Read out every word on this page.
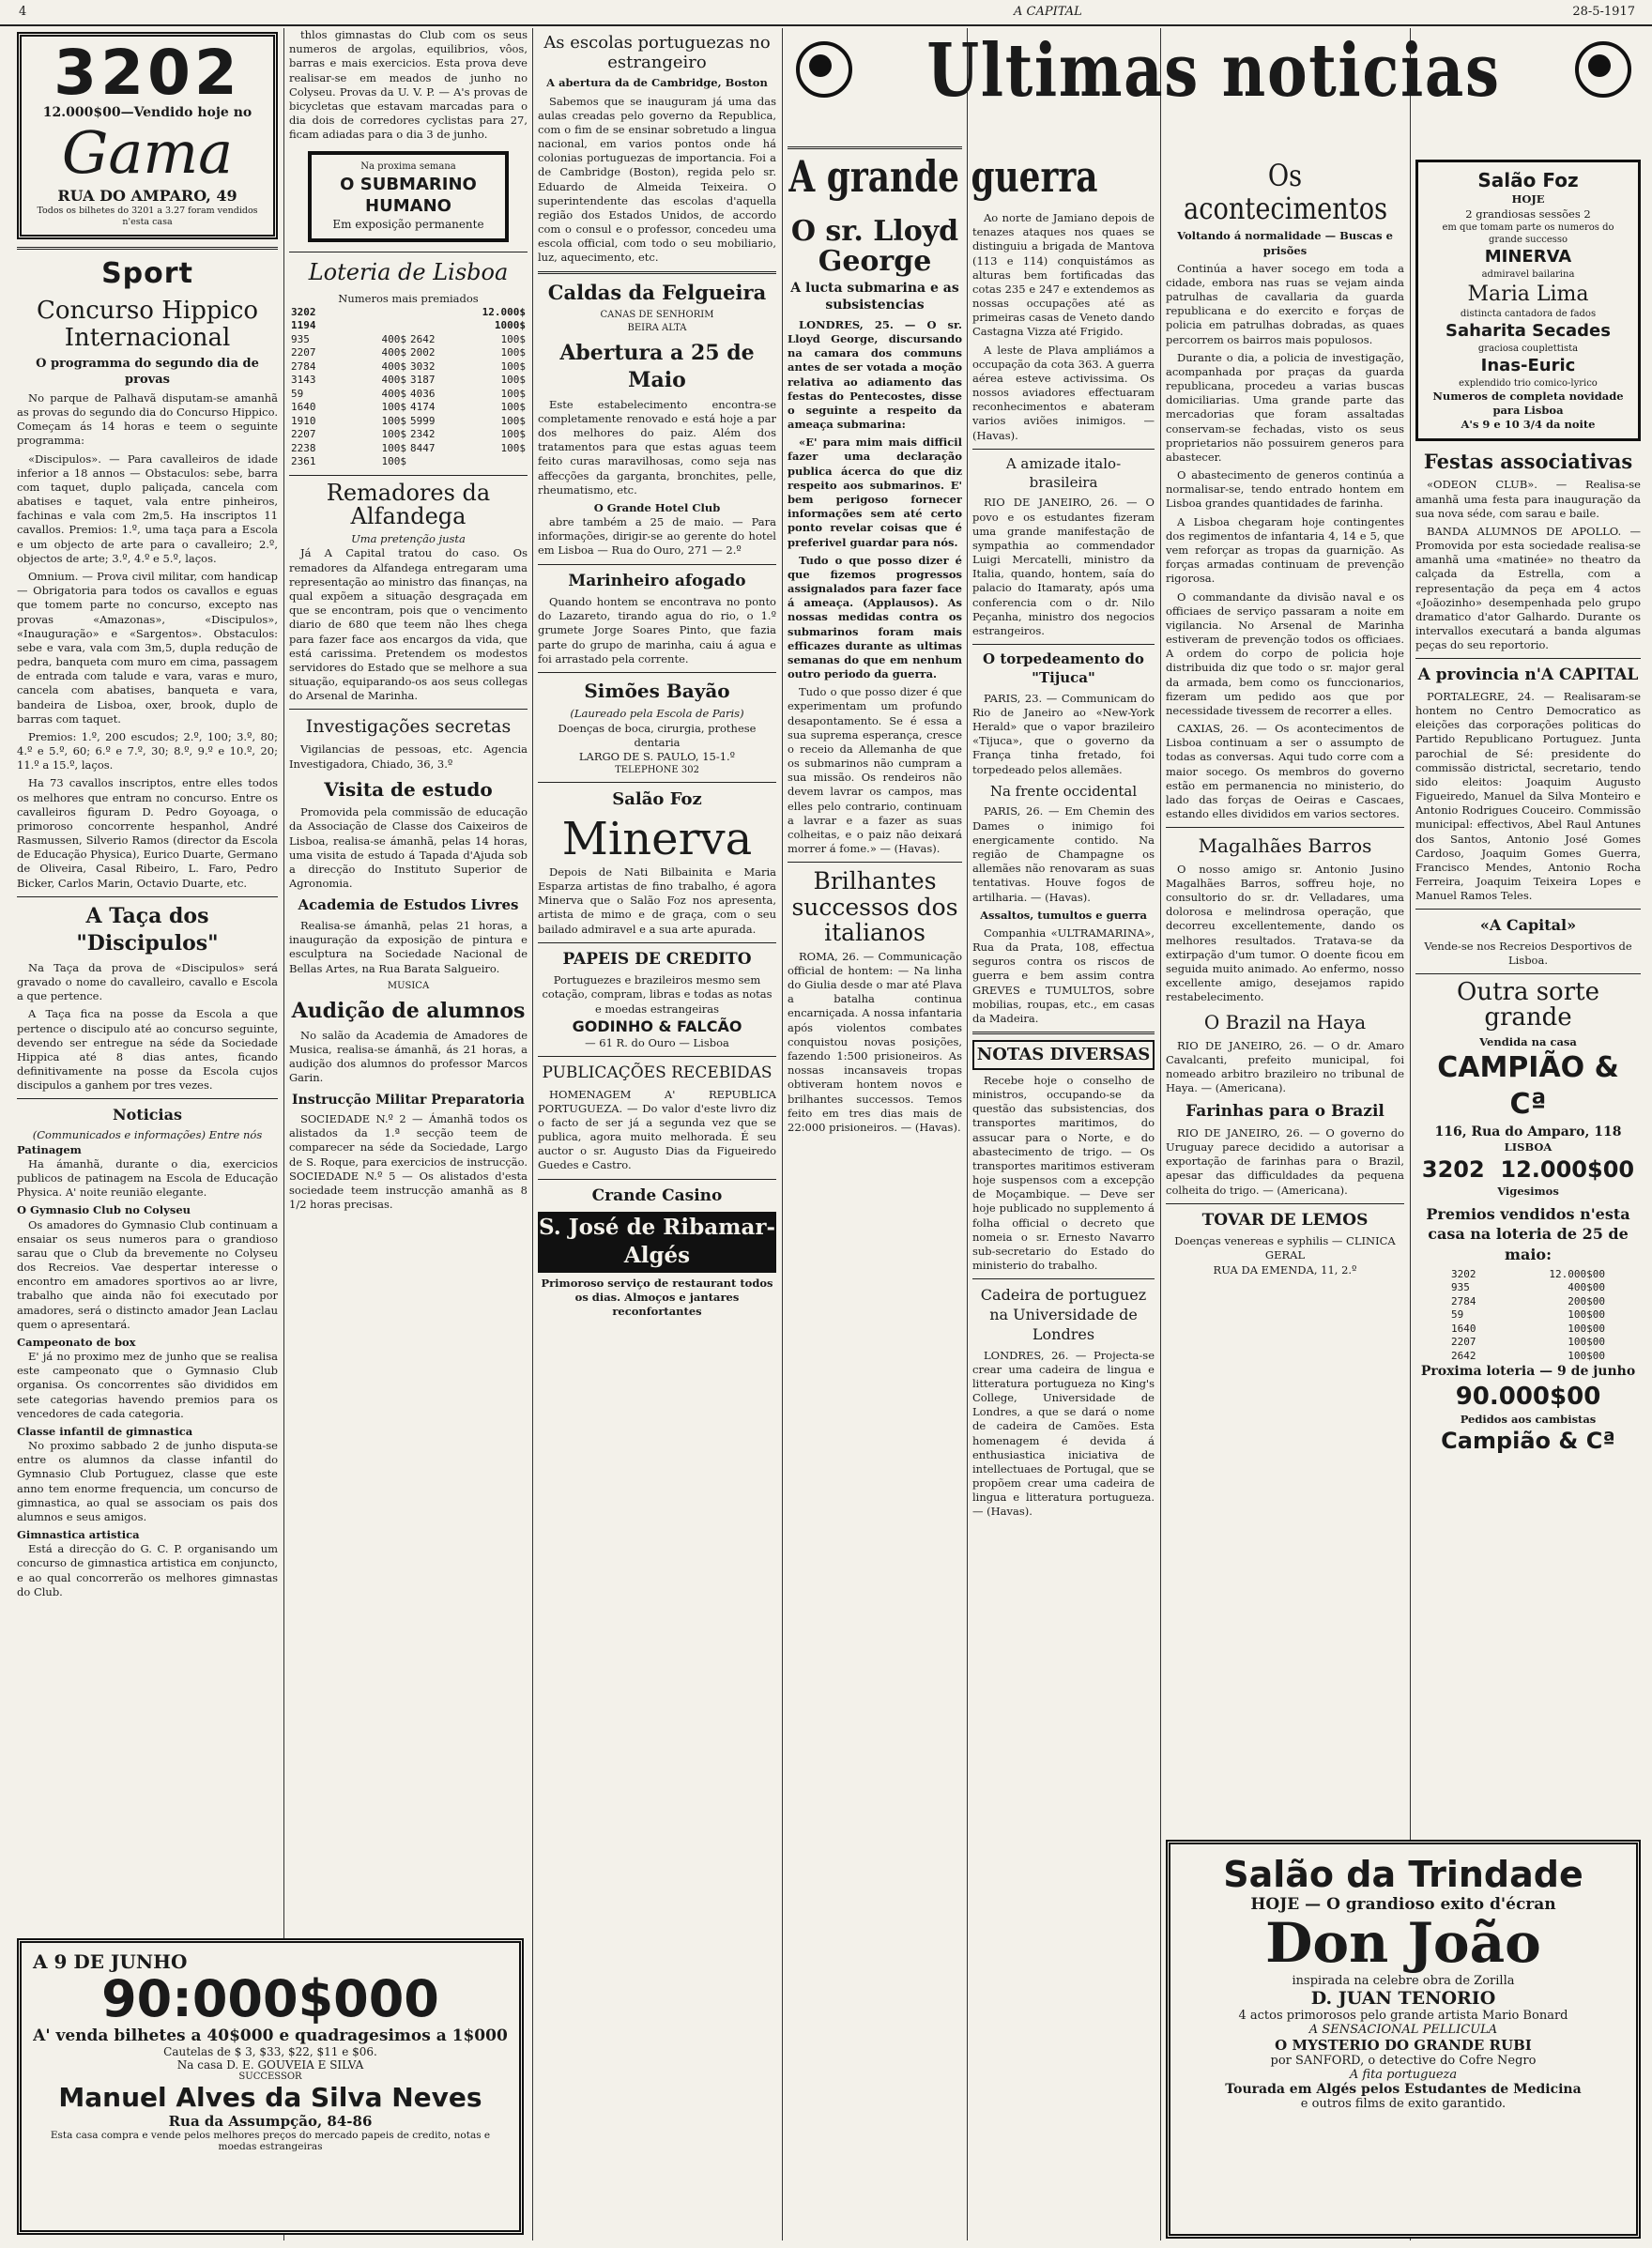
4	A CAPITAL	28-5-1917
3202
12.000$00—Vendido hoje no
Gama
RUA DO AMPARO, 49
Todos os bilhetes do 3201 a 3.27 foram vendidos n'esta casa
Sport
Concurso Hippico Internacional
O programma do segundo dia de provas

No parque de Palhavã disputam-se amanhã as provas do segundo dia do Concurso Hippico. Começam ás 14 horas e teem o seguinte programma:

«Discipulos». — Para cavalleiros de idade inferior a 18 annos — Obstaculos: sebe, barra com taquet, duplo paliçada, cancela com abatises e taquet, vala entre pinheiros, fachinas e vala com 2m,5. Ha inscriptos 11 cavallos. Premios: 1.º, uma taça para a Escola e um objecto de arte para o cavalleiro; 2.º, objectos de arte; 3.º, 4.º e 5.º, laços.

Omnium. — Prova civil militar, com handicap — Obrigatoria para todos os cavallos e eguas que tomem parte no concurso, excepto nas provas «Amazonas», «Discipulos», «Inauguração» e «Sargentos». Obstaculos: sebe e vara, vala com 3m,5, dupla redução de pedra, banqueta com muro em cima, passagem de entrada com talude e vara, varas e muro, cancela com abatises, banqueta e vara, bandeira de Lisboa, oxer, brook, duplo de barras com taquet.

Premios: 1.º, 200 escudos; 2.º, 100; 3.º, 80; 4.º e 5.º, 60; 6.º e 7.º, 30; 8.º, 9.º e 10.º, 20; 11.º a 15.º, laços.

Ha 73 cavallos inscriptos, entre elles todos os melhores que entram no concurso. Entre os cavalleiros figuram D. Pedro Goyoaga, o primoroso concorrente hespanhol, André Rasmussen, Silverio Ramos (director da Escola de Educação Physica), Eurico Duarte, Germano de Oliveira, Casal Ribeiro, L. Faro, Pedro Bicker, Carlos Marin, Octavio Duarte, etc.

A Taça dos "Discipulos"

Na Taça da prova de «Discipulos» será gravado o nome do cavalleiro, cavallo e Escola a que pertence.

A Taça fica na posse da Escola a que pertence o discipulo até ao concurso seguinte, devendo ser entregue na séde da Sociedade Hippica até 8 dias antes, ficando definitivamente na posse da Escola cujos discipulos a ganhem por tres vezes.

Noticias
(Communicados e informações) Entre nós
Patinagem

Ha ámanhã, durante o dia, exercicios publicos de patinagem na Escola de Educação Physica. A' noite reunião elegante.

O Gymnasio Club no Colyseu

Os amadores do Gymnasio Club continuam a ensaiar os seus numeros para o grandioso sarau que o Club da brevemente no Colyseu dos Recreios. Vae despertar interesse o encontro em amadores sportivos ao ar livre, trabalho que ainda não foi executado por amadores, será o distincto amador Jean Laclau quem o apresentará.

Campeonato de box

E' já no proximo mez de junho que se realisa este campeonato que o Gymnasio Club organisa. Os concorrentes são divididos em sete categorias havendo premios para os vencedores de cada categoria.

Classe infantil de gimnastica

No proximo sabbado 2 de junho disputa-se entre os alumnos da classe infantil do Gymnasio Club Portuguez, classe que este anno tem enorme frequencia, um concurso de gimnastica, ao qual se associam os pais dos alumnos e seus amigos.

Gimnastica artistica

Está a direcção do G. C. P. organisando um concurso de gimnastica artistica em conjuncto, e ao qual concorrerão os melhores gimnastas do Club.

A 9 DE JUNHO
90:000$000
A' venda bilhetes a 40$000 e quadragesimos a 1$000
Cautelas de $ 3, $33, $22, $11 e $06.
Na casa D. E. GOUVEIA E SILVA
SUCCESSOR
Manuel Alves da Silva Neves
Rua da Assumpção, 84-86
Esta casa compra e vende pelos melhores preços do mercado papeis de credito, notas e moedas estrangeiras

thlos gimnastas do Club com os seus numeros de argolas, equilibrios, vôos, barras e mais exercicios. Esta prova deve realisar-se em meados de junho no Colyseu. Provas da U. V. P. — A's provas de bicycletas que estavam marcadas para o dia dois de corredores cyclistas para 27, ficam adiadas para o dia 3 de junho.

Na proxima semana
O SUBMARINO HUMANO
Em exposição permanente
Loteria de Lisboa
Numeros mais premiados
3202	12.000$
1194	1000$
935	400$	2642	100$
2207	400$	2002	100$
2784	400$	3032	100$
3143	400$	3187	100$
59	400$	4036	100$
1640	100$	4174	100$
1910	100$	5999	100$
2207	100$	2342	100$
2238	100$	8447	100$
2361	100$		
Remadores da Alfandega
Uma pretenção justa

Já A Capital tratou do caso. Os remadores da Alfandega entregaram uma representação ao ministro das finanças, na qual expõem a situação desgraçada em que se encontram, pois que o vencimento diario de 680 que teem não lhes chega para fazer face aos encargos da vida, que está carissima. Pretendem os modestos servidores do Estado que se melhore a sua situação, equiparando-os aos seus collegas do Arsenal de Marinha.

Investigações secretas

Vigilancias de pessoas, etc. Agencia Investigadora, Chiado, 36, 3.º

Visita de estudo

Promovida pela commissão de educação da Associação de Classe dos Caixeiros de Lisboa, realisa-se ámanhã, pelas 14 horas, uma visita de estudo á Tapada d'Ajuda sob a direcção do Instituto Superior de Agronomia.

Academia de Estudos Livres

Realisa-se ámanhã, pelas 21 horas, a inauguração da exposição de pintura e esculptura na Sociedade Nacional de Bellas Artes, na Rua Barata Salgueiro.

MUSICA
Audição de alumnos

No salão da Academia de Amadores de Musica, realisa-se ámanhã, ás 21 horas, a audição dos alumnos do professor Marcos Garin.

Instrucção Militar Preparatoria

SOCIEDADE N.º 2 — Ámanhã todos os alistados da 1.ª secção teem de comparecer na séde da Sociedade, Largo de S. Roque, para exercicios de instrucção. SOCIEDADE N.º 5 — Os alistados d'esta sociedade teem instrucção amanhã as 8 1/2 horas precisas.

As escolas portuguezas no estrangeiro
A abertura da de Cambridge, Boston

Sabemos que se inauguram já uma das aulas creadas pelo governo da Republica, com o fim de se ensinar sobretudo a lingua nacional, em varios pontos onde há colonias portuguezas de importancia. Foi a de Cambridge (Boston), regida pelo sr. Eduardo de Almeida Teixeira. O superintendente das escolas d'aquella região dos Estados Unidos, de accordo com o consul e o professor, concedeu uma escola official, com todo o seu mobiliario, luz, aquecimento, etc.

Caldas da Felgueira
CANAS DE SENHORIM
BEIRA ALTA
Abertura a 25 de Maio

Este estabelecimento encontra-se completamente renovado e está hoje a par dos melhores do paiz. Além dos tratamentos para que estas aguas teem feito curas maravilhosas, como seja nas affecções da garganta, bronchites, pelle, rheumatismo, etc.

O Grande Hotel Club

abre também a 25 de maio. — Para informações, dirigir-se ao gerente do hotel em Lisboa — Rua do Ouro, 271 — 2.º

Marinheiro afogado

Quando hontem se encontrava no ponto do Lazareto, tirando agua do rio, o 1.º grumete Jorge Soares Pinto, que fazia parte do grupo de marinha, caiu á agua e foi arrastado pela corrente.

Simões Bayão
(Laureado pela Escola de Paris)
Doenças de boca, cirurgia, prothese dentaria
LARGO DE S. PAULO, 15-1.º
TELEPHONE 302
Salão Foz
Minerva

Depois de Nati Bilbainita e Maria Esparza artistas de fino trabalho, é agora Minerva que o Salão Foz nos apresenta, artista de mimo e de graça, com o seu bailado admiravel e a sua arte apurada.

PAPEIS DE CREDITO
Portuguezes e brazileiros mesmo sem cotação, compram, libras e todas as notas e moedas estrangeiras
GODINHO & FALCÃO
— 61 R. do Ouro — Lisboa
PUBLICAÇÕES RECEBIDAS

HOMENAGEM A' REPUBLICA PORTUGUEZA. — Do valor d'este livro diz o facto de ser já a segunda vez que se publica, agora muito melhorada. É seu auctor o sr. Augusto Dias da Figueiredo Guedes e Castro.

Crande Casino
S. José de Ribamar-Algés
Primoroso serviço de restaurant todos os dias. Almoços e jantares reconfortantes
Ultimas noticias
A grande guerra
O sr. Lloyd George
A lucta submarina e as subsistencias

LONDRES, 25. — O sr. Lloyd George, discursando na camara dos communs antes de ser votada a moção relativa ao adiamento das festas do Pentecostes, disse o seguinte a respeito da ameaça submarina:

«E' para mim mais difficil fazer uma declaração publica ácerca do que diz respeito aos submarinos. E' bem perigoso fornecer informações sem até certo ponto revelar coisas que é preferivel guardar para nós.

Tudo o que posso dizer é que fizemos progressos assignalados para fazer face á ameaça. (Applausos). As nossas medidas contra os submarinos foram mais efficazes durante as ultimas semanas do que em nenhum outro periodo da guerra.

Tudo o que posso dizer é que experimentam um profundo desapontamento. Se é essa a sua suprema esperança, cresce o receio da Allemanha de que os submarinos não cumpram a sua missão. Os rendeiros não devem lavrar os campos, mas elles pelo contrario, continuam a lavrar e a fazer as suas colheitas, e o paiz não deixará morrer á fome.» — (Havas).

Brilhantes successos dos italianos

ROMA, 26. — Communicação official de hontem: — Na linha do Giulia desde o mar até Plava a batalha continua encarniçada. A nossa infantaria após violentos combates conquistou novas posições, fazendo 1:500 prisioneiros. As nossas incansaveis tropas obtiveram hontem novos e brilhantes successos. Temos feito em tres dias mais de 22:000 prisioneiros. — (Havas).

Ao norte de Jamiano depois de tenazes ataques nos quaes se distinguiu a brigada de Mantova (113 e 114) conquistámos as alturas bem fortificadas das cotas 235 e 247 e extendemos as nossas occupações até as primeiras casas de Veneto dando Castagna Vizza até Frigido.

A leste de Plava ampliámos a occupação da cota 363. A guerra aérea esteve activissima. Os nossos aviadores effectuaram reconhecimentos e abateram varios aviões inimigos. — (Havas).

A amizade italo-brasileira

RIO DE JANEIRO, 26. — O povo e os estudantes fizeram uma grande manifestação de sympathia ao commendador Luigi Mercatelli, ministro da Italia, quando, hontem, saía do palacio do Itamaraty, após uma conferencia com o dr. Nilo Peçanha, ministro dos negocios estrangeiros.

O torpedeamento do "Tijuca"

PARIS, 23. — Communicam do Rio de Janeiro ao «New-York Herald» que o vapor brazileiro «Tijuca», que o governo da França tinha fretado, foi torpedeado pelos allemães.

Na frente occidental

PARIS, 26. — Em Chemin des Dames o inimigo foi energicamente contido. Na região de Champagne os allemães não renovaram as suas tentativas. Houve fogos de artilharia. — (Havas).

Assaltos, tumultos e guerra

Companhia «ULTRAMARINA», Rua da Prata, 108, effectua seguros contra os riscos de guerra e bem assim contra GREVES e TUMULTOS, sobre mobilias, roupas, etc., em casas da Madeira.

NOTAS DIVERSAS

Recebe hoje o conselho de ministros, occupando-se da questão das subsistencias, dos transportes maritimos, do assucar para o Norte, e do abastecimento de trigo. — Os transportes maritimos estiveram hoje suspensos com a excepção de Moçambique. — Deve ser hoje publicado no supplemento á folha official o decreto que nomeia o sr. Ernesto Navarro sub-secretario do Estado do ministerio do trabalho.

Cadeira de portuguez na Universidade de Londres

LONDRES, 26. — Projecta-se crear uma cadeira de lingua e litteratura portugueza no King's College, Universidade de Londres, a que se dará o nome de cadeira de Camões. Esta homenagem é devida á enthusiastica iniciativa de intellectuaes de Portugal, que se propõem crear uma cadeira de lingua e litteratura portugueza. — (Havas).

Os acontecimentos
Voltando á normalidade — Buscas e prisões

Continúa a haver socego em toda a cidade, embora nas ruas se vejam ainda patrulhas de cavallaria da guarda republicana e do exercito e forças de policia em patrulhas dobradas, as quaes percorrem os bairros mais populosos.

Durante o dia, a policia de investigação, acompanhada por praças da guarda republicana, procedeu a varias buscas domiciliarias. Uma grande parte das mercadorias que foram assaltadas conservam-se fechadas, visto os seus proprietarios não possuirem generos para abastecer.

O abastecimento de generos continúa a normalisar-se, tendo entrado hontem em Lisboa grandes quantidades de farinha.

A Lisboa chegaram hoje contingentes dos regimentos de infantaria 4, 14 e 5, que vem reforçar as tropas da guarnição. As forças armadas continuam de prevenção rigorosa.

O commandante da divisão naval e os officiaes de serviço passaram a noite em vigilancia. No Arsenal de Marinha estiveram de prevenção todos os officiaes. A ordem do corpo de policia hoje distribuida diz que todo o sr. major geral da armada, bem como os funccionarios, fizeram um pedido aos que por necessidade tivessem de recorrer a elles.

CAXIAS, 26. — Os acontecimentos de Lisboa continuam a ser o assumpto de todas as conversas. Aqui tudo corre com a maior socego. Os membros do governo estão em permanencia no ministerio, do lado das forças de Oeiras e Cascaes, estando elles divididos em varios sectores.

Magalhães Barros

O nosso amigo sr. Antonio Jusino Magalhães Barros, soffreu hoje, no consultorio do sr. dr. Velladares, uma dolorosa e melindrosa operação, que decorreu excellentemente, dando os melhores resultados. Tratava-se da extirpação d'um tumor. O doente ficou em seguida muito animado. Ao enfermo, nosso excellente amigo, desejamos rapido restabelecimento.

O Brazil na Haya

RIO DE JANEIRO, 26. — O dr. Amaro Cavalcanti, prefeito municipal, foi nomeado arbitro brazileiro no tribunal de Haya. — (Americana).

Farinhas para o Brazil

RIO DE JANEIRO, 26. — O governo do Uruguay parece decidido a autorisar a exportação de farinhas para o Brazil, apesar das difficuldades da pequena colheita do trigo. — (Americana).

TOVAR DE LEMOS
Doenças venereas e syphilis — CLINICA GERAL
RUA DA EMENDA, 11, 2.º
Salão Foz
HOJE
2 grandiosas sessões 2
em que tomam parte os numeros do grande successo
MINERVA
admiravel bailarina
Maria Lima
distincta cantadora de fados
Saharita Secades
graciosa couplettista
Inas-Euric
explendido trio comico-lyrico
Numeros de completa novidade para Lisboa
A's 9 e 10 3/4 da noite
Festas associativas

«ODEON CLUB». — Realisa-se amanhã uma festa para inauguração da sua nova séde, com sarau e baile.

BANDA ALUMNOS DE APOLLO. — Promovida por esta sociedade realisa-se amanhã uma «matinée» no theatro da calçada da Estrella, com a representação da peça em 4 actos «Joãozinho» desempenhada pelo grupo dramatico d'ator Galhardo. Durante os intervallos executará a banda algumas peças do seu reportorio.

A provincia n'A CAPITAL

PORTALEGRE, 24. — Realisaram-se hontem no Centro Democratico as eleições das corporações politicas do Partido Republicano Portuguez. Junta parochial de Sé: presidente do commissão districtal, secretario, tendo sido eleitos: Joaquim Augusto Figueiredo, Manuel da Silva Monteiro e Antonio Rodrigues Couceiro. Commissão municipal: effectivos, Abel Raul Antunes dos Santos, Antonio José Gomes Cardoso, Joaquim Gomes Guerra, Francisco Mendes, Antonio Rocha Ferreira, Joaquim Teixeira Lopes e Manuel Ramos Teles.

«A Capital»
Vende-se nos Recreios Desportivos de Lisboa.
Outra sorte grande
Vendida na casa
CAMPIÃO & Cª
116, Rua do Amparo, 118
LISBOA
3202 12.000$00
Vigesimos
Premios vendidos n'esta casa na loteria de 25 de maio:
3202	12.000$00
935	400$00
2784	200$00
59	100$00
1640	100$00
2207	100$00
2642	100$00
Proxima loteria — 9 de junho
90.000$00
Pedidos aos cambistas
Campião & Cª
Salão da Trindade
HOJE — O grandioso exito d'écran
Don João
inspirada na celebre obra de Zorilla
D. JUAN TENORIO
4 actos primorosos pelo grande artista Mario Bonard
A SENSACIONAL PELLICULA
O MYSTERIO DO GRANDE RUBI
por SANFORD, o detective do Cofre Negro
A fita portugueza
Tourada em Algés pelos Estudantes de Medicina
e outros films de exito garantido.
